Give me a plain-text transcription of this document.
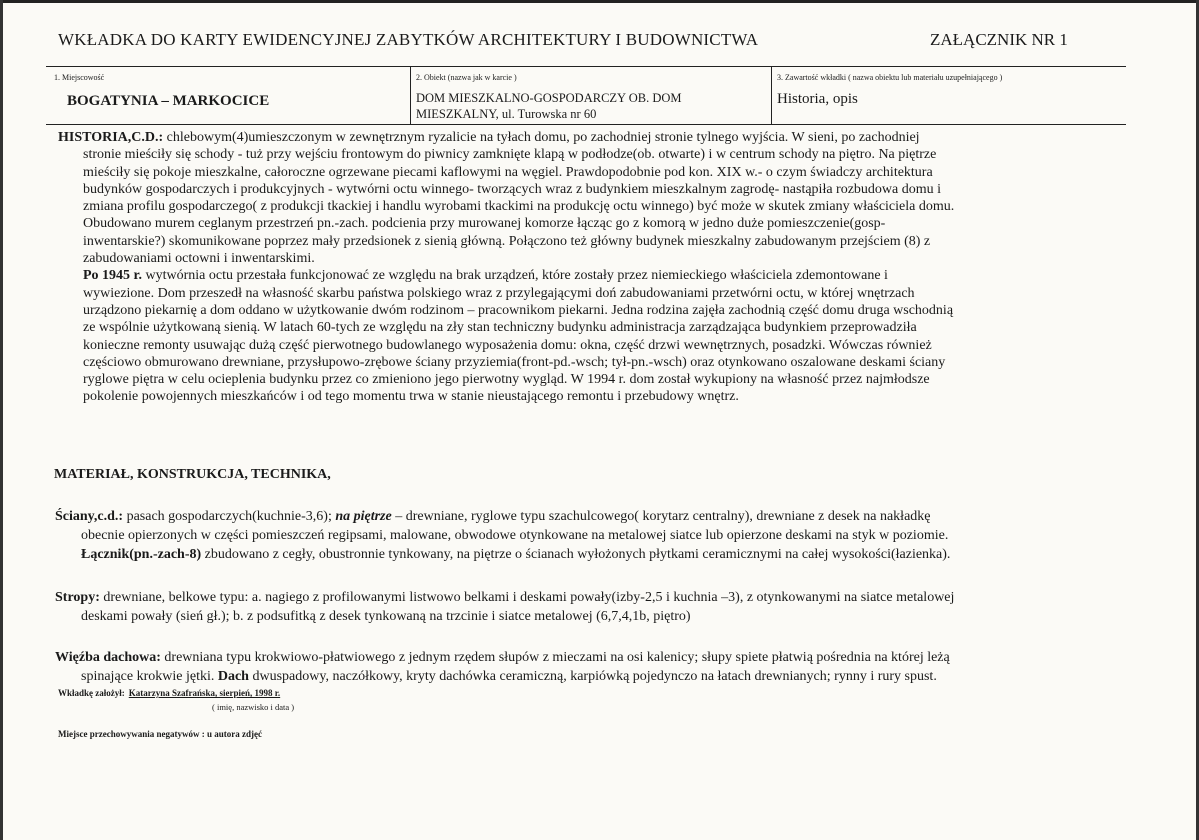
WKŁADKA DO KARTY EWIDENCYJNEJ ZABYTKÓW ARCHITEKTURY I BUDOWNICTWA	ZAŁĄCZNIK NR 1
1. Miejscowość
BOGATYNIA – MARKOCICE
2. Obiekt (nazwa jak w karcie )
DOM MIESZKALNO-GOSPODARCZY OB. DOM
MIESZKALNY, ul. Turowska nr 60
3. Zawartość wkładki ( nazwa obiektu lub materiału uzupełniającego )
Historia, opis
HISTORIA,C.D.: chlebowym(4)umieszczonym w zewnętrznym ryzalicie na tyłach domu, po zachodniej stronie tylnego wyjścia. W sieni, po zachodniej
stronie mieściły się schody - tuż przy wejściu frontowym do piwnicy zamknięte klapą w podłodze(ob. otwarte) i w centrum schody na piętro. Na piętrze
mieściły się pokoje mieszkalne, całoroczne ogrzewane piecami kaflowymi na węgiel. Prawdopodobnie pod kon. XIX w.- o czym świadczy architektura
budynków gospodarczych i produkcyjnych - wytwórni octu winnego- tworzących wraz z budynkiem mieszkalnym zagrodę- nastąpiła rozbudowa domu i
zmiana profilu gospodarczego( z produkcji tkackiej i handlu wyrobami tkackimi na produkcję octu winnego) być może w skutek zmiany właściciela domu.
Obudowano murem ceglanym przestrzeń pn.-zach. podcienia przy murowanej komorze łącząc go z komorą w jedno duże pomieszczenie(gosp-
inwentarskie?) skomunikowane poprzez mały przedsionek z sienią główną. Połączono też główny budynek mieszkalny zabudowanym przejściem (8) z
zabudowaniami octowni i inwentarskimi.
Po 1945 r. wytwórnia octu przestała funkcjonować ze względu na brak urządzeń, które zostały przez niemieckiego właściciela zdemontowane i
wywiezione. Dom przeszedł na własność skarbu państwa polskiego wraz z przylegającymi doń zabudowaniami przetwórni octu, w której wnętrzach
urządzono piekarnię a dom oddano w użytkowanie dwóm rodzinom – pracownikom piekarni. Jedna rodzina zajęła zachodnią część domu druga wschodnią
ze wspólnie użytkowaną sienią. W latach 60-tych ze względu na zły stan techniczny budynku administracja zarządzająca budynkiem przeprowadziła
konieczne remonty usuwając dużą część pierwotnego budowlanego wyposażenia domu: okna, część drzwi wewnętrznych, posadzki. Wówczas również
częściowo obmurowano drewniane, przysłupowo-zrębowe ściany przyziemia(front-pd.-wsch; tył-pn.-wsch) oraz otynkowano oszalowane deskami ściany
ryglowe piętra w celu ocieplenia budynku przez co zmieniono jego pierwotny wygląd. W 1994 r. dom został wykupiony na własność przez najmłodsze
pokolenie powojennych mieszkańców i od tego momentu trwa w stanie nieustającego remontu i przebudowy wnętrz.
MATERIAŁ, KONSTRUKCJA, TECHNIKA,
Ściany,c.d.: pasach gospodarczych(kuchnie-3,6); na piętrze – drewniane, ryglowe typu szachulcowego( korytarz centralny), drewniane z desek na nakładkę
obecnie opierzonych w części pomieszczeń regipsami, malowane, obwodowe otynkowane na metalowej siatce lub opierzone deskami na styk w poziomie.
Łącznik(pn.-zach-8) zbudowano z cegły, obustronnie tynkowany, na piętrze o ścianach wyłożonych płytkami ceramicznymi na całej wysokości(łazienka).
Stropy: drewniane, belkowe typu: a. nagiego z profilowanymi listwowo belkami i deskami powały(izby-2,5 i kuchnia –3), z otynkowanymi na siatce metalowej
deskami powały (sień gł.); b. z podsufitką z desek tynkowaną na trzcinie i siatce metalowej (6,7,4,1b, piętro)
Więźba dachowa: drewniana typu krokwiowo-płatwiowego z jednym rzędem słupów z mieczami na osi kalenicy; słupy spiete płatwią pośrednia na której leżą
spinające krokwie jętki. Dach dwuspadowy, naczółkowy, kryty dachówka ceramiczną, karpiówką pojedynczo na łatach drewnianych; rynny i rury spust.
Wkładkę założył: Katarzyna Szafrańska, sierpień, 1998 r.
( imię, nazwisko i data )
Miejsce przechowywania negatywów : u autora zdjęć
